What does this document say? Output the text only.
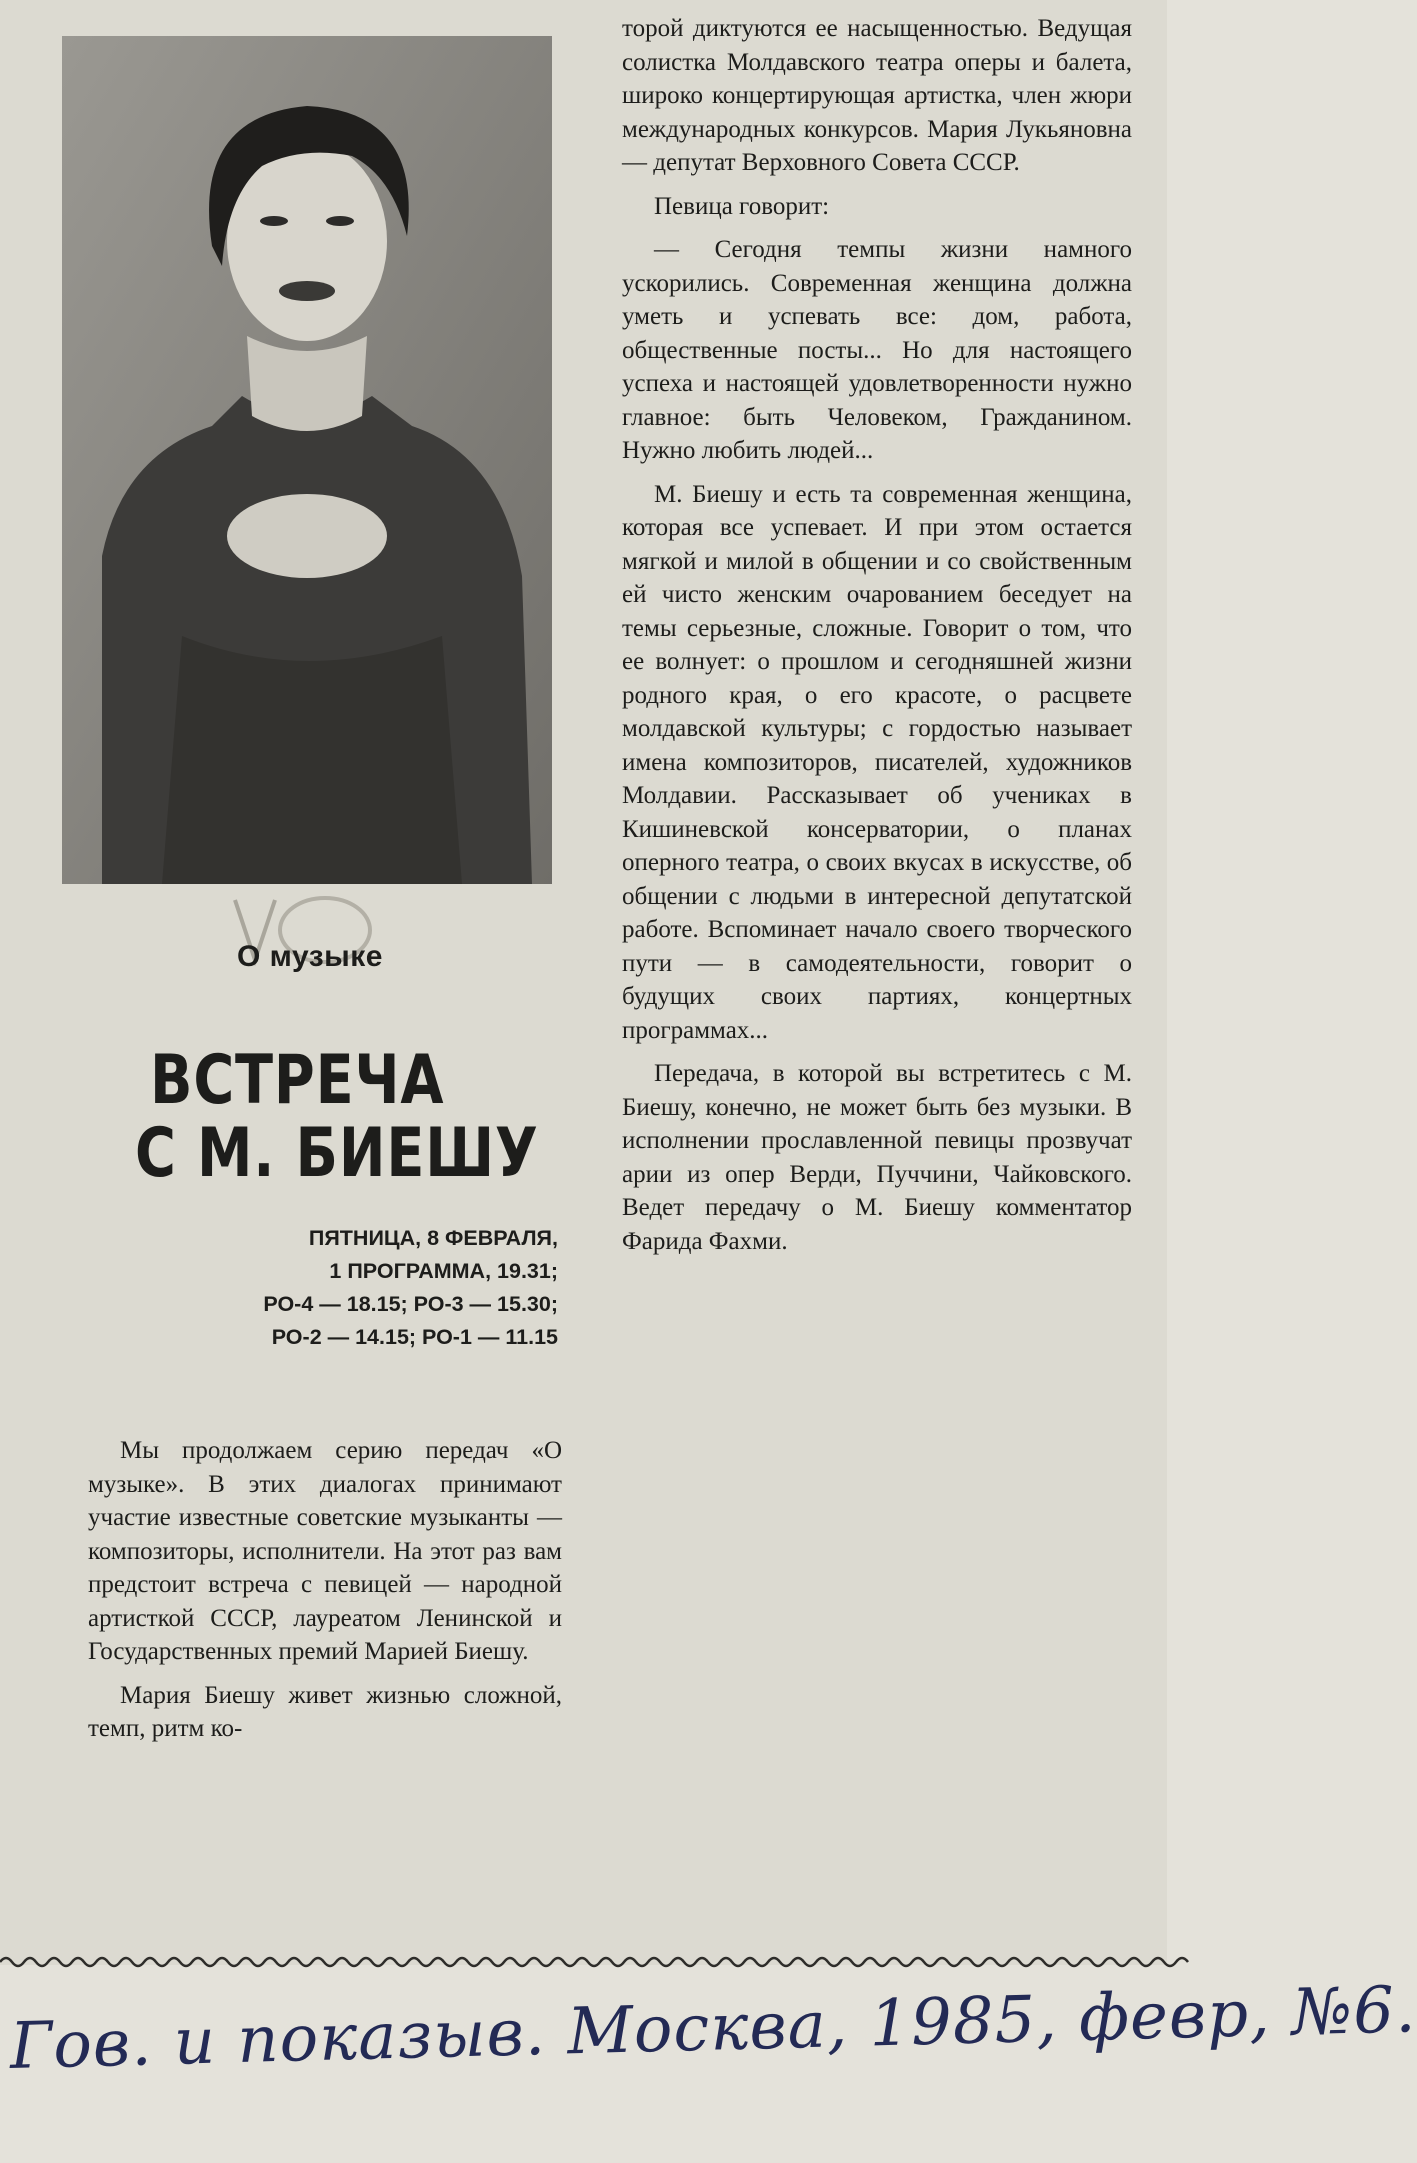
О музыке
ВСТРЕЧА
С М. БИЕШУ
ПЯТНИЦА, 8 ФЕВРАЛЯ,
1 ПРОГРАММА, 19.31;
РО-4 — 18.15; РО-3 — 15.30;
РО-2 — 14.15; РО-1 — 11.15

Мы продолжаем серию передач «О музыке». В этих диалогах принимают участие известные советские музыканты — композиторы, исполнители. На этот раз вам предстоит встреча с певицей — народной артисткой СССР, лауреатом Ленинской и Государственных премий Марией Биешу.

Мария Биешу живет жизнью сложной, темп, ритм ко-

торой диктуются ее насыщенностью. Ведущая солистка Молдавского театра оперы и балета, широко концертирующая артистка, член жюри международных конкурсов. Мария Лукьяновна — депутат Верховного Совета СССР.

Певица говорит:

— Сегодня темпы жизни намного ускорились. Современная женщина должна уметь и успевать все: дом, работа, общественные посты... Но для настоящего успеха и настоящей удовлетворенности нужно главное: быть Человеком, Гражданином. Нужно любить людей...

М. Биешу и есть та современная женщина, которая все успевает. И при этом остается мягкой и милой в общении и со свойственным ей чисто женским очарованием беседует на темы серьезные, сложные. Говорит о том, что ее волнует: о прошлом и сегодняшней жизни родного края, о его красоте, о расцвете молдавской культуры; с гордостью называет имена композиторов, писателей, художников Молдавии. Рассказывает об учениках в Кишиневской консерватории, о планах оперного театра, о своих вкусах в искусстве, об общении с людьми в интересной депутатской работе. Вспоминает начало своего творческого пути — в самодеятельности, говорит о будущих своих партиях, концертных программах...

Передача, в которой вы встретитесь с М. Биешу, конечно, не может быть без музыки. В исполнении прославленной певицы прозвучат арии из опер Верди, Пуччини, Чайковского. Ведет передачу о М. Биешу комментатор Фарида Фахми.

Гов. и показыв. Москва, 1985, февр, №6.
